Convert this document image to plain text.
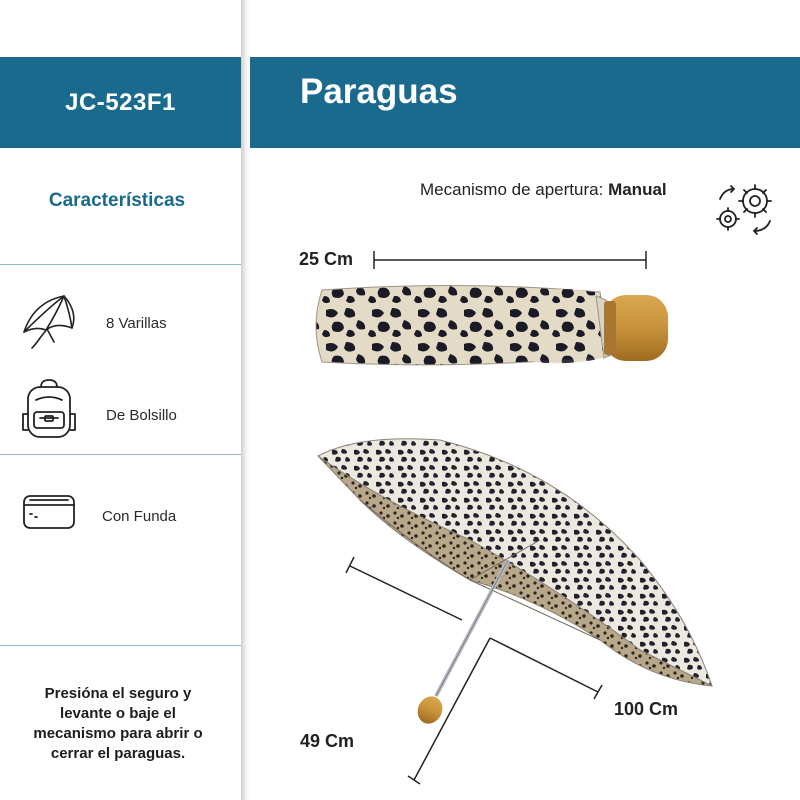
JC-523F1	Paraguas
Características
8 Varillas
De Bolsillo
Con Funda
Presióna el seguro y levante o baje el mecanismo para abrir o cerrar el paraguas.
Mecanismo de apertura: Manual
25 Cm
100 Cm
49 Cm
